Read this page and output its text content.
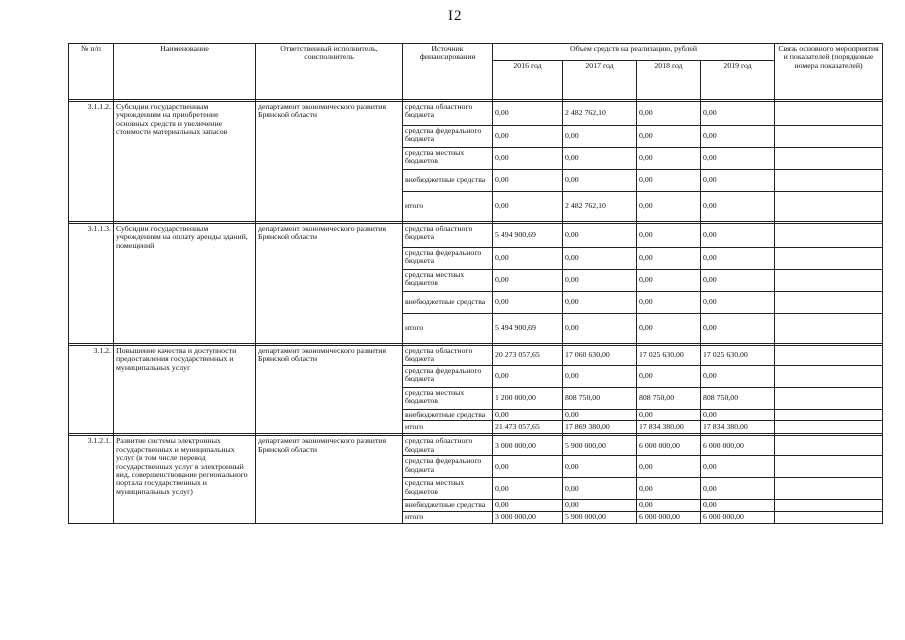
I2
№ п/п	Наименование	Ответственный исполнитель, соисполнитель	Источник финансирования	Объем средств на реализацию, рублей				Связь основного мероприятия и показателей (порядковые номера показателей)
				2016 год	2017 год	2018 год	2019 год	

3.1.1.2.	Субсидии государственным учреждениям на приобретение основных средств и увеличение стоимости материальных запасов	департамент экономического развития Брянской области	средства областного бюджета	0,00	2 482 762,10	0,00	0,00	
			средства федерального бюджета	0,00	0,00	0,00	0,00	
			средства местных бюджетов	0,00	0,00	0,00	0,00	
			внебюджетные средства	0,00	0,00	0,00	0,00	
			итого	0,00	2 482 762,10	0,00	0,00	

3.1.1.3.	Субсидии государственным учреждениям на оплату аренды зданий, помещений	департамент экономического развития Брянской области	средства областного бюджета	5 494 900,69	0,00	0,00	0,00	
			средства федерального бюджета	0,00	0,00	0,00	0,00	
			средства местных бюджетов	0,00	0,00	0,00	0,00	
			внебюджетные средства	0,00	0,00	0,00	0,00	
			итого	5 494 900,69	0,00	0,00	0,00	

3.1.2.	Повышение качества и доступности предоставления государственных и муниципальных услуг	департамент экономического развития Брянской области	средства областного бюджета	20 273 057,65	17 060 630,00	17 025 630,00	17 025 630,00	
			средства федерального бюджета	0,00	0,00	0,00	0,00	
			средства местных бюджетов	1 200 000,00	808 750,00	808 750,00	808 750,00	
			внебюджетные средства	0,00	0,00	0,00	0,00	
			итого	21 473 057,65	17 869 380,00	17 834 380,00	17 834 380,00	

3.1.2.1.	Развитие системы электронных государственных и муниципальных услуг (в том числе перевод государственных услуг в электронный вид, совершенствование регионального портала государственных и муниципальных услуг)	департамент экономического развития Брянской области	средства областного бюджета	3 000 000,00	5 900 000,00	6 000 000,00	6 000 000,00	
			средства федерального бюджета	0,00	0,00	0,00	0,00	
			средства местных бюджетов	0,00	0,00	0,00	0,00	
			внебюджетные средства	0,00	0,00	0,00	0,00	
			итого	3 000 000,00	5 900 000,00	6 000 000,00	6 000 000,00	
